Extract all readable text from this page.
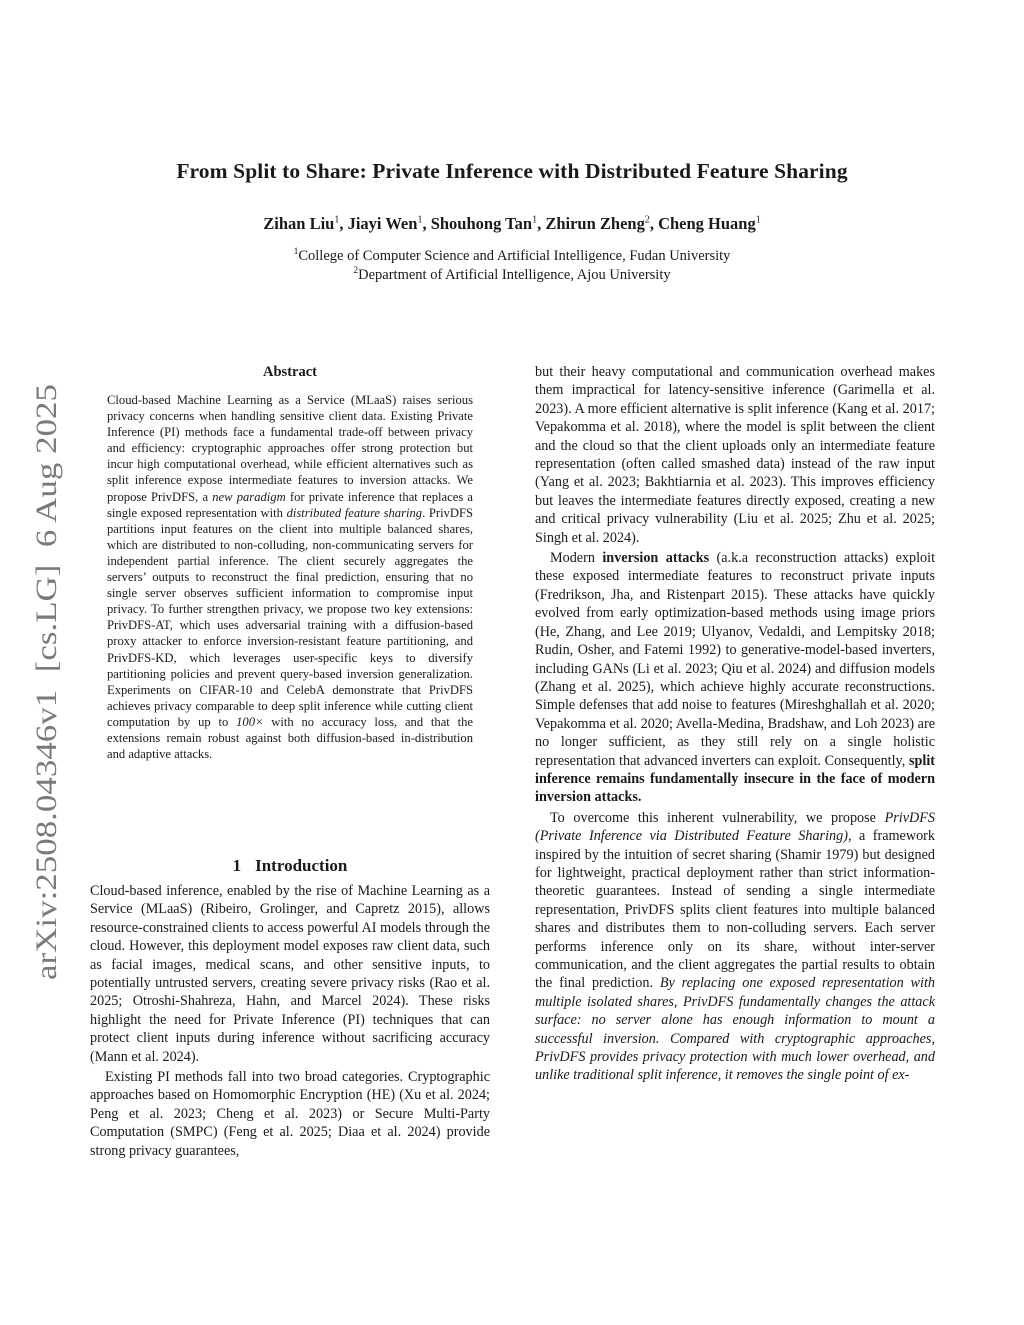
arXiv:2508.04346v1  [cs.LG]  6 Aug 2025
From Split to Share: Private Inference with Distributed Feature Sharing
Zihan Liu$^1$, Jiayi Wen$^1$, Shouhong Tan$^1$, Zhirun Zheng$^2$, Cheng Huang$^1$
$^1$College of Computer Science and Artificial Intelligence, Fudan University
$^2$Department of Artificial Intelligence, Ajou University
Abstract
Cloud-based Machine Learning as a Service (MLaaS) raises serious privacy concerns when handling sensitive client data. Existing Private Inference (PI) methods face a fundamental trade-off between privacy and efficiency: cryptographic approaches offer strong protection but incur high computational overhead, while efficient alternatives such as split inference expose intermediate features to inversion attacks. We propose PrivDFS, a new paradigm for private inference that replaces a single exposed representation with distributed feature sharing. PrivDFS partitions input features on the client into multiple balanced shares, which are distributed to non-colluding, non-communicating servers for independent partial inference. The client securely aggregates the servers’ outputs to reconstruct the final prediction, ensuring that no single server observes sufficient information to compromise input privacy. To further strengthen privacy, we propose two key extensions: PrivDFS-AT, which uses adversarial training with a diffusion-based proxy attacker to enforce inversion-resistant feature partitioning, and PrivDFS-KD, which leverages user-specific keys to diversify partitioning policies and prevent query-based inversion generalization. Experiments on CIFAR-10 and CelebA demonstrate that PrivDFS achieves privacy comparable to deep split inference while cutting client computation by up to 100× with no accuracy loss, and that the extensions remain robust against both diffusion-based in-distribution and adaptive attacks.
1 Introduction

Cloud-based inference, enabled by the rise of Machine Learning as a Service (MLaaS) (Ribeiro, Grolinger, and Capretz 2015), allows resource-constrained clients to access powerful AI models through the cloud. However, this deployment model exposes raw client data, such as facial images, medical scans, and other sensitive inputs, to potentially untrusted servers, creating severe privacy risks (Rao et al. 2025; Otroshi-Shahreza, Hahn, and Marcel 2024). These risks highlight the need for Private Inference (PI) techniques that can protect client inputs during inference without sacrificing accuracy (Mann et al. 2024).

Existing PI methods fall into two broad categories. Cryptographic approaches based on Homomorphic Encryption (HE) (Xu et al. 2024; Peng et al. 2023; Cheng et al. 2023) or Secure Multi-Party Computation (SMPC) (Feng et al. 2025; Diaa et al. 2024) provide strong privacy guarantees,

but their heavy computational and communication overhead makes them impractical for latency-sensitive inference (Garimella et al. 2023). A more efficient alternative is split inference (Kang et al. 2017; Vepakomma et al. 2018), where the model is split between the client and the cloud so that the client uploads only an intermediate feature representation (often called smashed data) instead of the raw input (Yang et al. 2023; Bakhtiarnia et al. 2023). This improves efficiency but leaves the intermediate features directly exposed, creating a new and critical privacy vulnerability (Liu et al. 2025; Zhu et al. 2025; Singh et al. 2024).

Modern inversion attacks (a.k.a reconstruction attacks) exploit these exposed intermediate features to reconstruct private inputs (Fredrikson, Jha, and Ristenpart 2015). These attacks have quickly evolved from early optimization-based methods using image priors (He, Zhang, and Lee 2019; Ulyanov, Vedaldi, and Lempitsky 2018; Rudin, Osher, and Fatemi 1992) to generative-model-based inverters, including GANs (Li et al. 2023; Qiu et al. 2024) and diffusion models (Zhang et al. 2025), which achieve highly accurate reconstructions. Simple defenses that add noise to features (Mireshghallah et al. 2020; Vepakomma et al. 2020; Avella-Medina, Bradshaw, and Loh 2023) are no longer sufficient, as they still rely on a single holistic representation that advanced inverters can exploit. Consequently, split inference remains fundamentally insecure in the face of modern inversion attacks.

To overcome this inherent vulnerability, we propose PrivDFS (Private Inference via Distributed Feature Sharing), a framework inspired by the intuition of secret sharing (Shamir 1979) but designed for lightweight, practical deployment rather than strict information-theoretic guarantees. Instead of sending a single intermediate representation, PrivDFS splits client features into multiple balanced shares and distributes them to non-colluding servers. Each server performs inference only on its share, without inter-server communication, and the client aggregates the partial results to obtain the final prediction. By replacing one exposed representation with multiple isolated shares, PrivDFS fundamentally changes the attack surface: no server alone has enough information to mount a successful inversion. Compared with cryptographic approaches, PrivDFS provides privacy protection with much lower overhead, and unlike traditional split inference, it removes the single point of ex-
